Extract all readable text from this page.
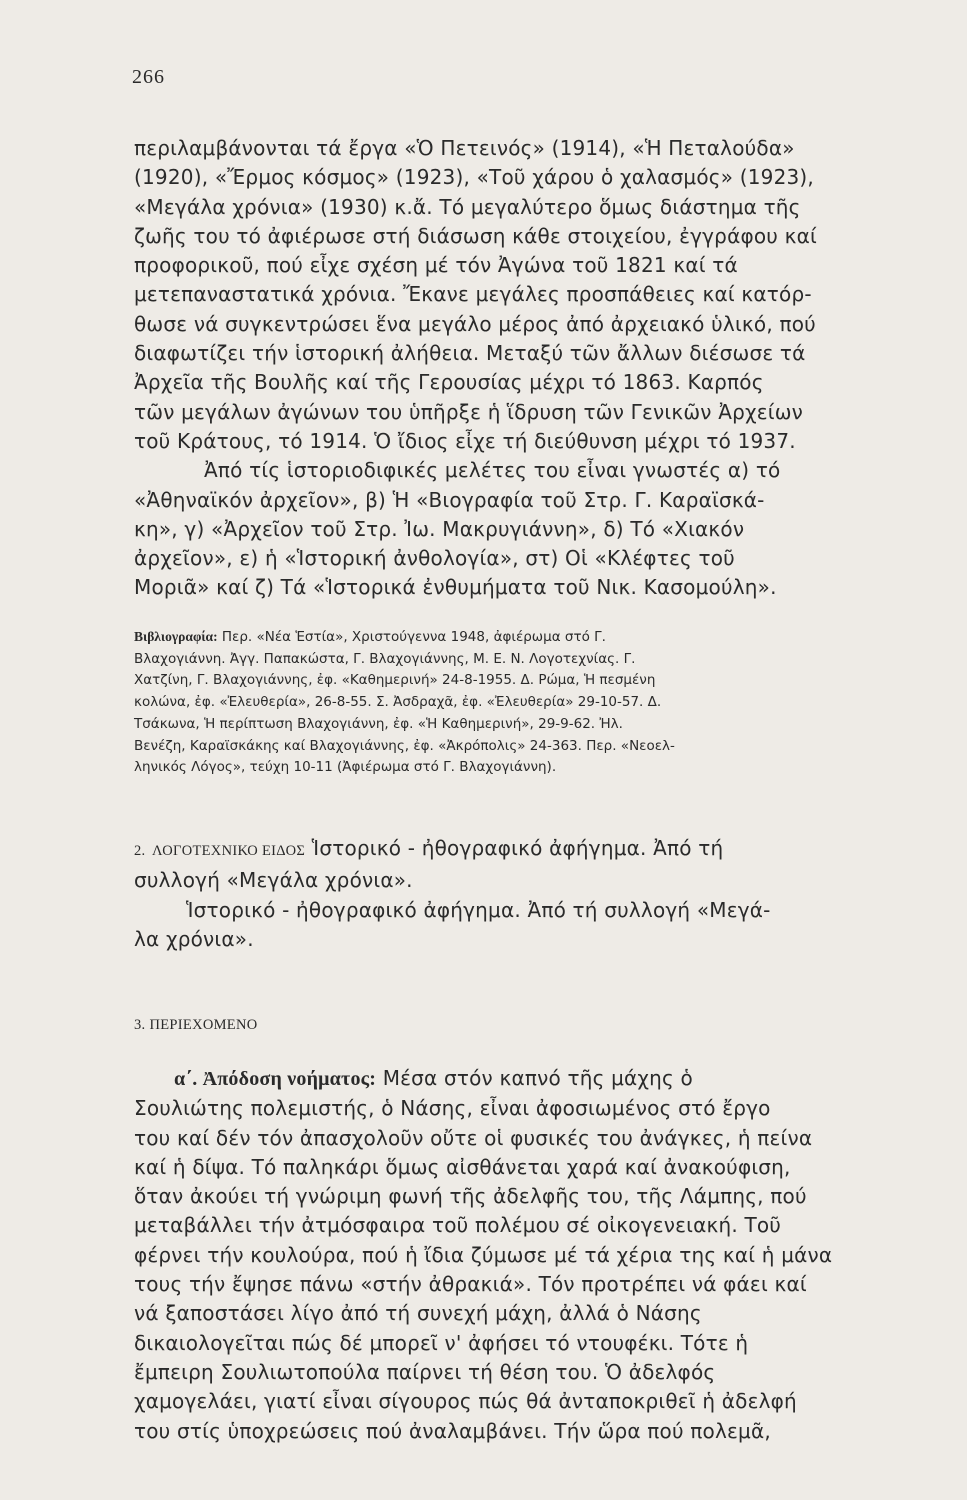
266
περιλαμβάνονται τά ἔργα «Ὁ Πετεινός» (1914), «Ἡ Πεταλούδα»
(1920), «Ἔρμος κόσμος» (1923), «Τοῦ χάρου ὁ χαλασμός» (1923),
«Μεγάλα χρόνια» (1930) κ.ἄ. Τό μεγαλύτερο ὅμως διάστημα τῆς
ζωῆς του τό ἀφιέρωσε στή διάσωση κάθε στοιχείου, ἐγγράφου καί
προφορικοῦ, πού εἶχε σχέση μέ τόν Ἀγώνα τοῦ 1821 καί τά
μετεπαναστατικά χρόνια. Ἔκανε μεγάλες προσπάθειες καί κατόρ-
θωσε νά συγκεντρώσει ἕνα μεγάλο μέρος ἀπό ἀρχειακό ὑλικό, πού
διαφωτίζει τήν ἱστορική ἀλήθεια. Μεταξύ τῶν ἄλλων διέσωσε τά
Ἀρχεῖα τῆς Βουλῆς καί τῆς Γερουσίας μέχρι τό 1863. Καρπός
τῶν μεγάλων ἀγώνων του ὑπῆρξε ἡ ἵδρυση τῶν Γενικῶν Ἀρχείων
τοῦ Κράτους, τό 1914. Ὁ ἴδιος εἶχε τή διεύθυνση μέχρι τό 1937.
Ἀπό τίς ἱστοριοδιφικές μελέτες του εἶναι γνωστές α) τό
«Ἀθηναϊκόν ἀρχεῖον», β) Ἡ «Βιογραφία τοῦ Στρ. Γ. Καραϊσκά-
κη», γ) «Ἀρχεῖον τοῦ Στρ. Ἰω. Μακρυγιάννη», δ) Τό «Χιακόν
ἀρχεῖον», ε) ἡ «Ἱστορική ἀνθολογία», στ) Οἱ «Κλέφτες τοῦ
Μοριᾶ» καί ζ) Τά «Ἱστορικά ἐνθυμήματα τοῦ Νικ. Κασομούλη».
Βιβλιογραφία: Περ. «Νέα Ἑστία», Χριστούγεννα 1948, ἀφιέρωμα στό Γ.
Βλαχογιάννη. Ἀγγ. Παπακώστα, Γ. Βλαχογιάννης, Μ. Ε. Ν. Λογοτεχνίας. Γ.
Χατζίνη, Γ. Βλαχογιάννης, ἐφ. «Καθημερινή» 24-8-1955. Δ. Ρώμα, Ἡ πεσμένη
κολώνα, ἐφ. «Ἐλευθερία», 26-8-55. Σ. Ἀσδραχᾶ, ἐφ. «Ἐλευθερία» 29-10-57. Δ.
Τσάκωνα, Ἡ περίπτωση Βλαχογιάννη, ἐφ. «Ἡ Καθημερινή», 29-9-62. Ἠλ.
Βενέζη, Καραϊσκάκης καί Βλαχογιάννης, ἐφ. «Ἀκρόπολις» 24-363. Περ. «Νεοελ-
ληνικός Λόγος», τεύχη 10-11 (Ἀφιέρωμα στό Γ. Βλαχογιάννη).
2. ΛΟΓΟΤΕΧΝΙΚΟ ΕΙΔΟΣ Ἱστορικό - ἠθογραφικό ἀφήγημα. Ἀπό τή
συλλογή «Μεγάλα χρόνια».
Ἱστορικό - ἠθογραφικό ἀφήγημα. Ἀπό τή συλλογή «Μεγά-
λα χρόνια».
3. ΠΕΡΙΕΧΟΜΕΝΟ
α΄. Ἀπόδοση νοήματος: Μέσα στόν καπνό τῆς μάχης ὁ
Σουλιώτης πολεμιστής, ὁ Νάσης, εἶναι ἀφοσιωμένος στό ἔργο
του καί δέν τόν ἀπασχολοῦν οὔτε οἱ φυσικές του ἀνάγκες, ἡ πείνα
καί ἡ δίψα. Τό παληκάρι ὅμως αἰσθάνεται χαρά καί ἀνακούφιση,
ὅταν ἀκούει τή γνώριμη φωνή τῆς ἀδελφῆς του, τῆς Λάμπης, πού
μεταβάλλει τήν ἀτμόσφαιρα τοῦ πολέμου σέ οἰκογενειακή. Τοῦ
φέρνει τήν κουλούρα, πού ἡ ἴδια ζύμωσε μέ τά χέρια της καί ἡ μάνα
τους τήν ἔψησε πάνω «στήν ἀθρακιά». Τόν προτρέπει νά φάει καί
νά ξαποστάσει λίγο ἀπό τή συνεχή μάχη, ἀλλά ὁ Νάσης
δικαιολογεῖται πώς δέ μπορεῖ ν' ἀφήσει τό ντουφέκι. Τότε ἡ
ἔμπειρη Σουλιωτοπούλα παίρνει τή θέση του. Ὁ ἀδελφός
χαμογελάει, γιατί εἶναι σίγουρος πώς θά ἀνταποκριθεῖ ἡ ἀδελφή
του στίς ὑποχρεώσεις πού ἀναλαμβάνει. Τήν ὥρα πού πολεμᾶ,
